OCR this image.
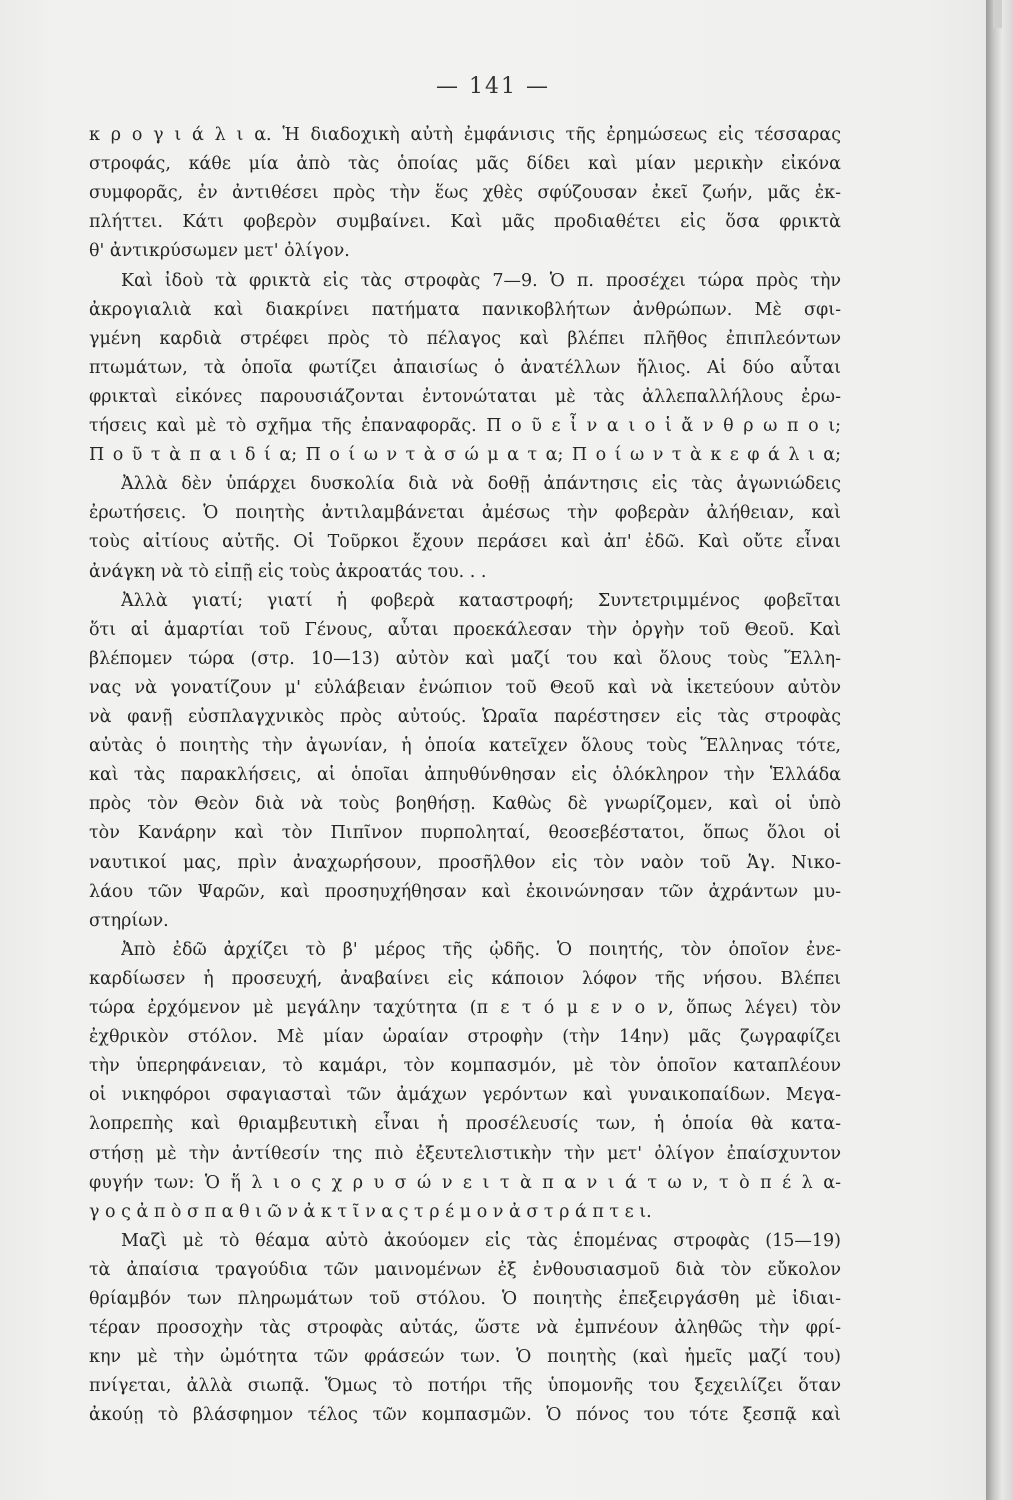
— 141 —
κ ρ ο γ ι ά λ ι α. Ἡ διαδοχικὴ αὐτὴ ἐμφάνισις τῆς ἐρημώσεως εἰς τέσσαρας
στροφάς, κάθε μία ἀπὸ τὰς ὁποίας μᾶς δίδει καὶ μίαν μερικὴν εἰκόνα
συμφορᾶς, ἐν ἀντιθέσει πρὸς τὴν ἕως χθὲς σφύζουσαν ἐκεῖ ζωήν, μᾶς ἐκ-
πλήττει. Κάτι φοβερὸν συμβαίνει. Καὶ μᾶς προδιαθέτει εἰς ὅσα φρικτὰ
θ' ἀντικρύσωμεν μετ' ὀλίγον.
Καὶ ἰδοὺ τὰ φρικτὰ εἰς τὰς στροφὰς 7—9. Ὁ π. προσέχει τώρα πρὸς τὴν
ἀκρογιαλιὰ καὶ διακρίνει πατήματα πανικοβλήτων ἀνθρώπων. Μὲ σφι-
γμένη καρδιὰ στρέφει πρὸς τὸ πέλαγος καὶ βλέπει πλῆθος ἐπιπλεόντων
πτωμάτων, τὰ ὁποῖα φωτίζει ἀπαισίως ὁ ἀνατέλλων ἥλιος. Αἱ δύο αὗται
φρικταὶ εἰκόνες παρουσιάζονται ἐντονώταται μὲ τὰς ἀλλεπαλλήλους ἐρω-
τήσεις καὶ μὲ τὸ σχῆμα τῆς ἐπαναφορᾶς. Π ο ῦ ε ἶ ν α ι ο ἱ ἄ ν θ ρ ω π ο ι;
Π ο ῦ τ ὰ π α ι δ ί α; Π ο ί ω ν τ ὰ σ ώ μ α τ α; Π ο ί ω ν τ ὰ κ ε φ ά λ ι α;
Ἀλλὰ δὲν ὑπάρχει δυσκολία διὰ νὰ δοθῇ ἀπάντησις εἰς τὰς ἀγωνιώδεις
ἐρωτήσεις. Ὁ ποιητὴς ἀντιλαμβάνεται ἀμέσως τὴν φοβερὰν ἀλήθειαν, καὶ
τοὺς αἰτίους αὐτῆς. Οἱ Τοῦρκοι ἔχουν περάσει καὶ ἀπ' ἐδῶ. Καὶ οὔτε εἶναι
ἀνάγκη νὰ τὸ εἰπῇ εἰς τοὺς ἀκροατάς του. . .
Ἀλλὰ γιατί; γιατί ἡ φοβερὰ καταστροφή; Συντετριμμένος φοβεῖται
ὅτι αἱ ἁμαρτίαι τοῦ Γένους, αὗται προεκάλεσαν τὴν ὀργὴν τοῦ Θεοῦ. Καὶ
βλέπομεν τώρα (στρ. 10—13) αὐτὸν καὶ μαζί του καὶ ὅλους τοὺς Ἕλλη-
νας νὰ γονατίζουν μ' εὐλάβειαν ἐνώπιον τοῦ Θεοῦ καὶ νὰ ἱκετεύουν αὐτὸν
νὰ φανῇ εὐσπλαγχνικὸς πρὸς αὐτούς. Ὡραῖα παρέστησεν εἰς τὰς στροφὰς
αὐτὰς ὁ ποιητὴς τὴν ἀγωνίαν, ἡ ὁποία κατεῖχεν ὅλους τοὺς Ἕλληνας τότε,
καὶ τὰς παρακλήσεις, αἱ ὁποῖαι ἀπηυθύνθησαν εἰς ὁλόκληρον τὴν Ἑλλάδα
πρὸς τὸν Θεὸν διὰ νὰ τοὺς βοηθήσῃ. Καθὼς δὲ γνωρίζομεν, καὶ οἱ ὑπὸ
τὸν Κανάρην καὶ τὸν Πιπῖνον πυρποληταί, θεοσεβέστατοι, ὅπως ὅλοι οἱ
ναυτικοί μας, πρὶν ἀναχωρήσουν, προσῆλθον εἰς τὸν ναὸν τοῦ Ἁγ. Νικο-
λάου τῶν Ψαρῶν, καὶ προσηυχήθησαν καὶ ἐκοινώνησαν τῶν ἀχράντων μυ-
στηρίων.
Ἀπὸ ἐδῶ ἀρχίζει τὸ β' μέρος τῆς ᾠδῆς. Ὁ ποιητής, τὸν ὁποῖον ἐνε-
καρδίωσεν ἡ προσευχή, ἀναβαίνει εἰς κάποιον λόφον τῆς νήσου. Βλέπει
τώρα ἐρχόμενον μὲ μεγάλην ταχύτητα (π ε τ ό μ ε ν ο ν, ὅπως λέγει) τὸν
ἐχθρικὸν στόλον. Μὲ μίαν ὡραίαν στροφὴν (τὴν 14ην) μᾶς ζωγραφίζει
τὴν ὑπερηφάνειαν, τὸ καμάρι, τὸν κομπασμόν, μὲ τὸν ὁποῖον καταπλέουν
οἱ νικηφόροι σφαγιασταὶ τῶν ἀμάχων γερόντων καὶ γυναικοπαίδων. Μεγα-
λοπρεπὴς καὶ θριαμβευτικὴ εἶναι ἡ προσέλευσίς των, ἡ ὁποία θὰ κατα-
στήσῃ μὲ τὴν ἀντίθεσίν της πιὸ ἐξευτελιστικὴν τὴν μετ' ὀλίγον ἐπαίσχυντον
φυγήν των: Ὁ ἥ λ ι ο ς χ ρ υ σ ώ ν ε ι τ ὰ π α ν ι ά τ ω ν, τ ὸ π έ λ α-
γ ο ς ἀ π ὸ σ π α θ ι ῶ ν ἀ κ τ ῖ ν α ς τ ρ έ μ ο ν ἀ σ τ ρ ά π τ ε ι.
Μαζὶ μὲ τὸ θέαμα αὐτὸ ἀκούομεν εἰς τὰς ἑπομένας στροφὰς (15—19)
τὰ ἀπαίσια τραγούδια τῶν μαινομένων ἐξ ἐνθουσιασμοῦ διὰ τὸν εὔκολον
θρίαμβόν των πληρωμάτων τοῦ στόλου. Ὁ ποιητὴς ἐπεξειργάσθη μὲ ἰδιαι-
τέραν προσοχὴν τὰς στροφὰς αὐτάς, ὥστε νὰ ἐμπνέουν ἀληθῶς τὴν φρί-
κην μὲ τὴν ὠμότητα τῶν φράσεών των. Ὁ ποιητὴς (καὶ ἡμεῖς μαζί του)
πνίγεται, ἀλλὰ σιωπᾷ. Ὅμως τὸ ποτήρι τῆς ὑπομονῆς του ξεχειλίζει ὅταν
ἀκούῃ τὸ βλάσφημον τέλος τῶν κομπασμῶν. Ὁ πόνος του τότε ξεσπᾷ καὶ
